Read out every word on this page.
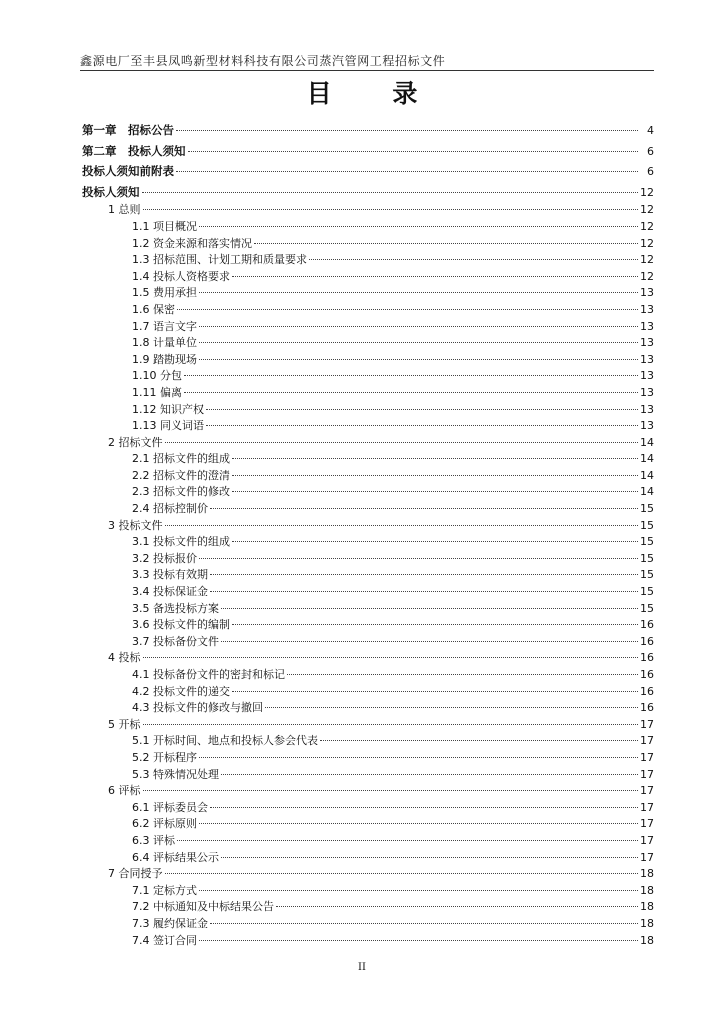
鑫源电厂至丰县凤鸣新型材料科技有限公司蒸汽管网工程招标文件
目 录
第一章　招标公告	4
第二章　投标人须知	6
投标人须知前附表	6
投标人须知	12
1 总则	12
1.1 项目概况	12
1.2 资金来源和落实情况	12
1.3 招标范围、计划工期和质量要求	12
1.4 投标人资格要求	12
1.5 费用承担	13
1.6 保密	13
1.7 语言文字	13
1.8 计量单位	13
1.9 踏勘现场	13
1.10 分包	13
1.11 偏离	13
1.12 知识产权	13
1.13 同义词语	13
2 招标文件	14
2.1 招标文件的组成	14
2.2 招标文件的澄清	14
2.3 招标文件的修改	14
2.4 招标控制价	15
3 投标文件	15
3.1 投标文件的组成	15
3.2 投标报价	15
3.3 投标有效期	15
3.4 投标保证金	15
3.5 备选投标方案	15
3.6 投标文件的编制	16
3.7 投标备份文件	16
4 投标	16
4.1 投标备份文件的密封和标记	16
4.2 投标文件的递交	16
4.3 投标文件的修改与撤回	16
5 开标	17
5.1 开标时间、地点和投标人参会代表	17
5.2 开标程序	17
5.3 特殊情况处理	17
6 评标	17
6.1 评标委员会	17
6.2 评标原则	17
6.3 评标	17
6.4 评标结果公示	17
7 合同授予	18
7.1 定标方式	18
7.2 中标通知及中标结果公告	18
7.3 履约保证金	18
7.4 签订合同	18
II
